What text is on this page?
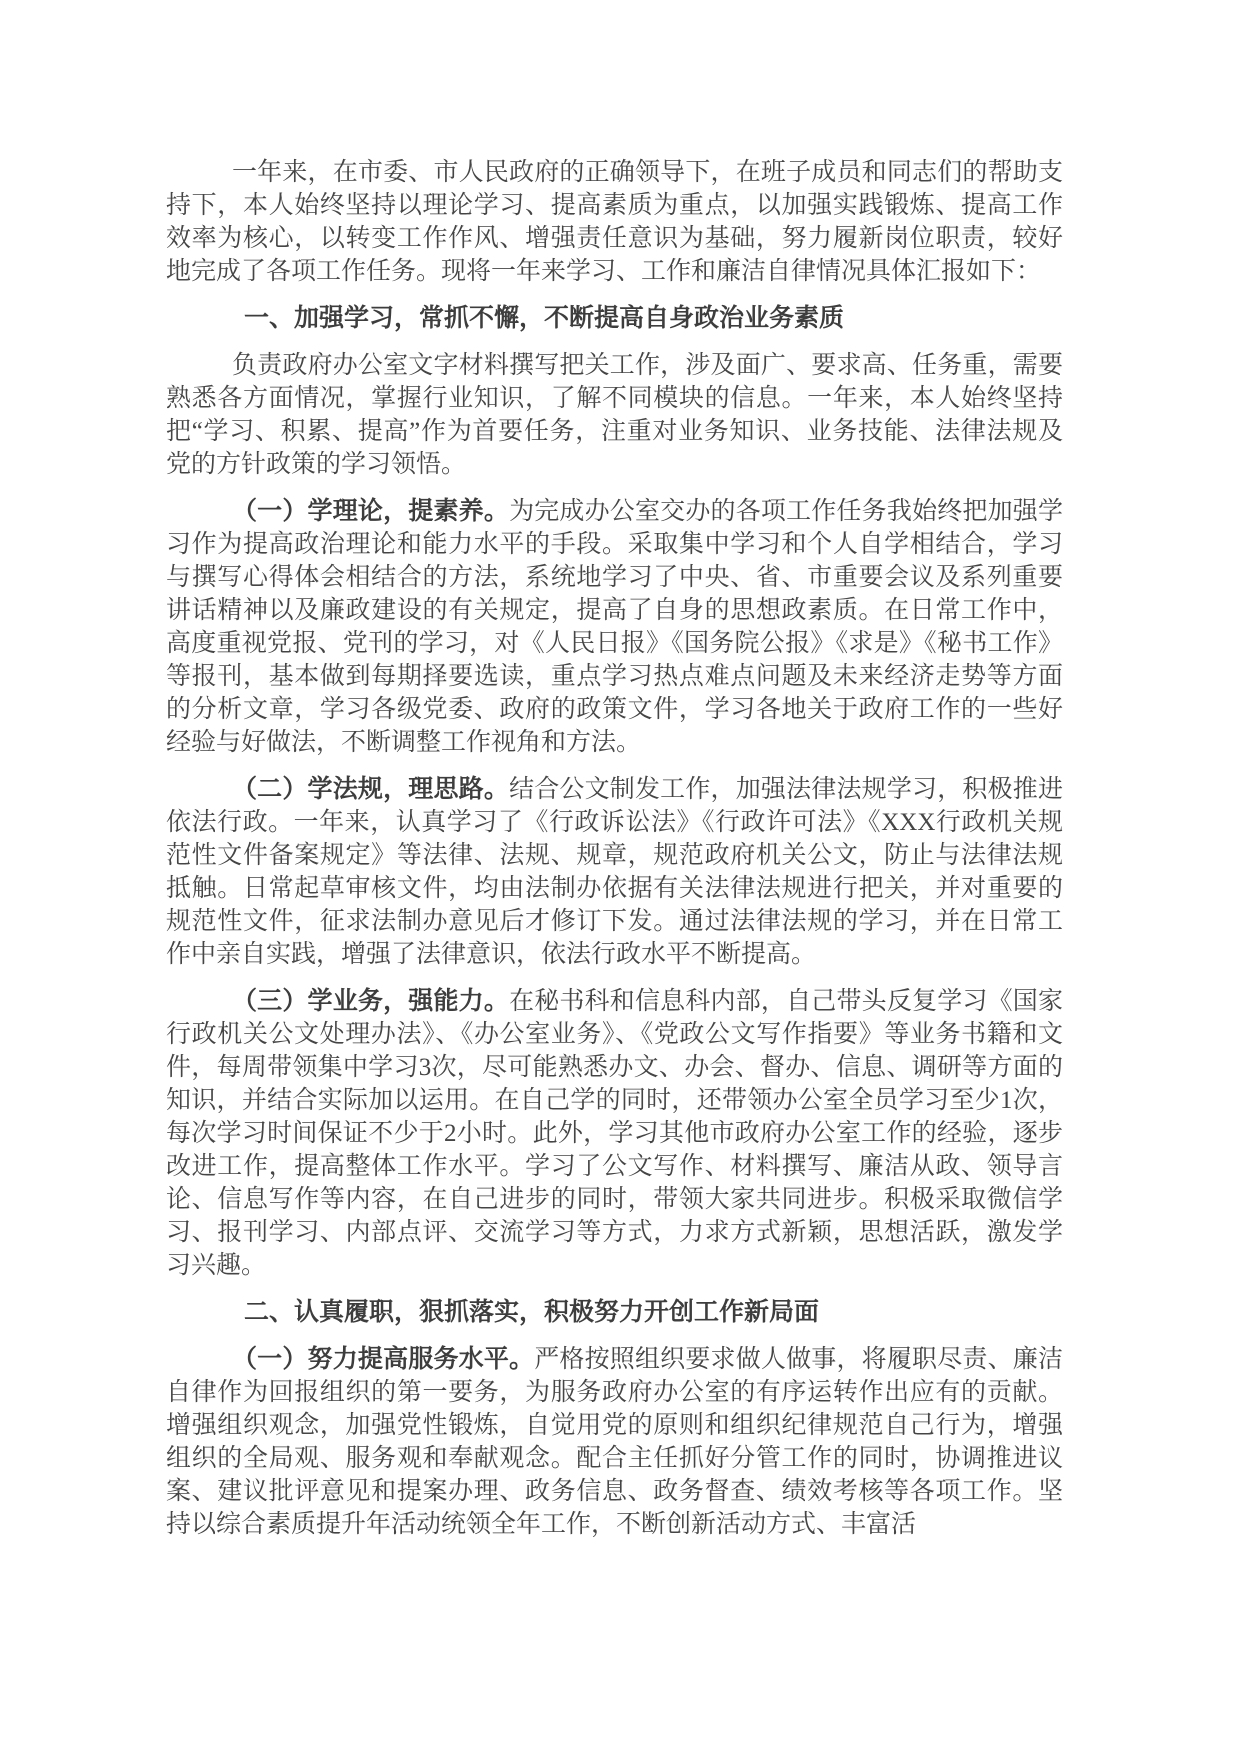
一年来，在市委、市人民政府的正确领导下，在班子成员和同志们的帮助支持下，本人始终坚持以理论学习、提高素质为重点，以加强实践锻炼、提高工作效率为核心，以转变工作作风、增强责任意识为基础，努力履新岗位职责，较好地完成了各项工作任务。现将一年来学习、工作和廉洁自律情况具体汇报如下：

一、加强学习，常抓不懈，不断提高自身政治业务素质

负责政府办公室文字材料撰写把关工作，涉及面广、要求高、任务重，需要熟悉各方面情况，掌握行业知识，了解不同模块的信息。一年来，本人始终坚持把“学习、积累、提高”作为首要任务，注重对业务知识、业务技能、法律法规及党的方针政策的学习领悟。

（一）学理论，提素养。为完成办公室交办的各项工作任务我始终把加强学习作为提高政治理论和能力水平的手段。采取集中学习和个人自学相结合，学习与撰写心得体会相结合的方法，系统地学习了中央、省、市重要会议及系列重要讲话精神以及廉政建设的有关规定，提高了自身的思想政素质。在日常工作中，高度重视党报、党刊的学习，对《人民日报》《国务院公报》《求是》《秘书工作》等报刊，基本做到每期择要选读，重点学习热点难点问题及未来经济走势等方面的分析文章，学习各级党委、政府的政策文件，学习各地关于政府工作的一些好经验与好做法，不断调整工作视角和方法。

（二）学法规，理思路。结合公文制发工作，加强法律法规学习，积极推进依法行政。一年来，认真学习了《行政诉讼法》《行政许可法》《XXX行政机关规范性文件备案规定》等法律、法规、规章，规范政府机关公文，防止与法律法规抵触。日常起草审核文件，均由法制办依据有关法律法规进行把关，并对重要的规范性文件，征求法制办意见后才修订下发。通过法律法规的学习，并在日常工作中亲自实践，增强了法律意识，依法行政水平不断提高。

（三）学业务，强能力。在秘书科和信息科内部，自己带头反复学习《国家行政机关公文处理办法》、《办公室业务》、《党政公文写作指要》等业务书籍和文件，每周带领集中学习3次，尽可能熟悉办文、办会、督办、信息、调研等方面的知识，并结合实际加以运用。在自己学的同时，还带领办公室全员学习至少1次，每次学习时间保证不少于2小时。此外，学习其他市政府办公室工作的经验，逐步改进工作，提高整体工作水平。学习了公文写作、材料撰写、廉洁从政、领导言论、信息写作等内容，在自己进步的同时，带领大家共同进步。积极采取微信学习、报刊学习、内部点评、交流学习等方式，力求方式新颖，思想活跃，激发学习兴趣。

二、认真履职，狠抓落实，积极努力开创工作新局面

（一）努力提高服务水平。严格按照组织要求做人做事，将履职尽责、廉洁自律作为回报组织的第一要务，为服务政府办公室的有序运转作出应有的贡献。增强组织观念，加强党性锻炼，自觉用党的原则和组织纪律规范自己行为，增强组织的全局观、服务观和奉献观念。配合主任抓好分管工作的同时，协调推进议案、建议批评意见和提案办理、政务信息、政务督查、绩效考核等各项工作。坚持以综合素质提升年活动统领全年工作，不断创新活动方式、丰富活
